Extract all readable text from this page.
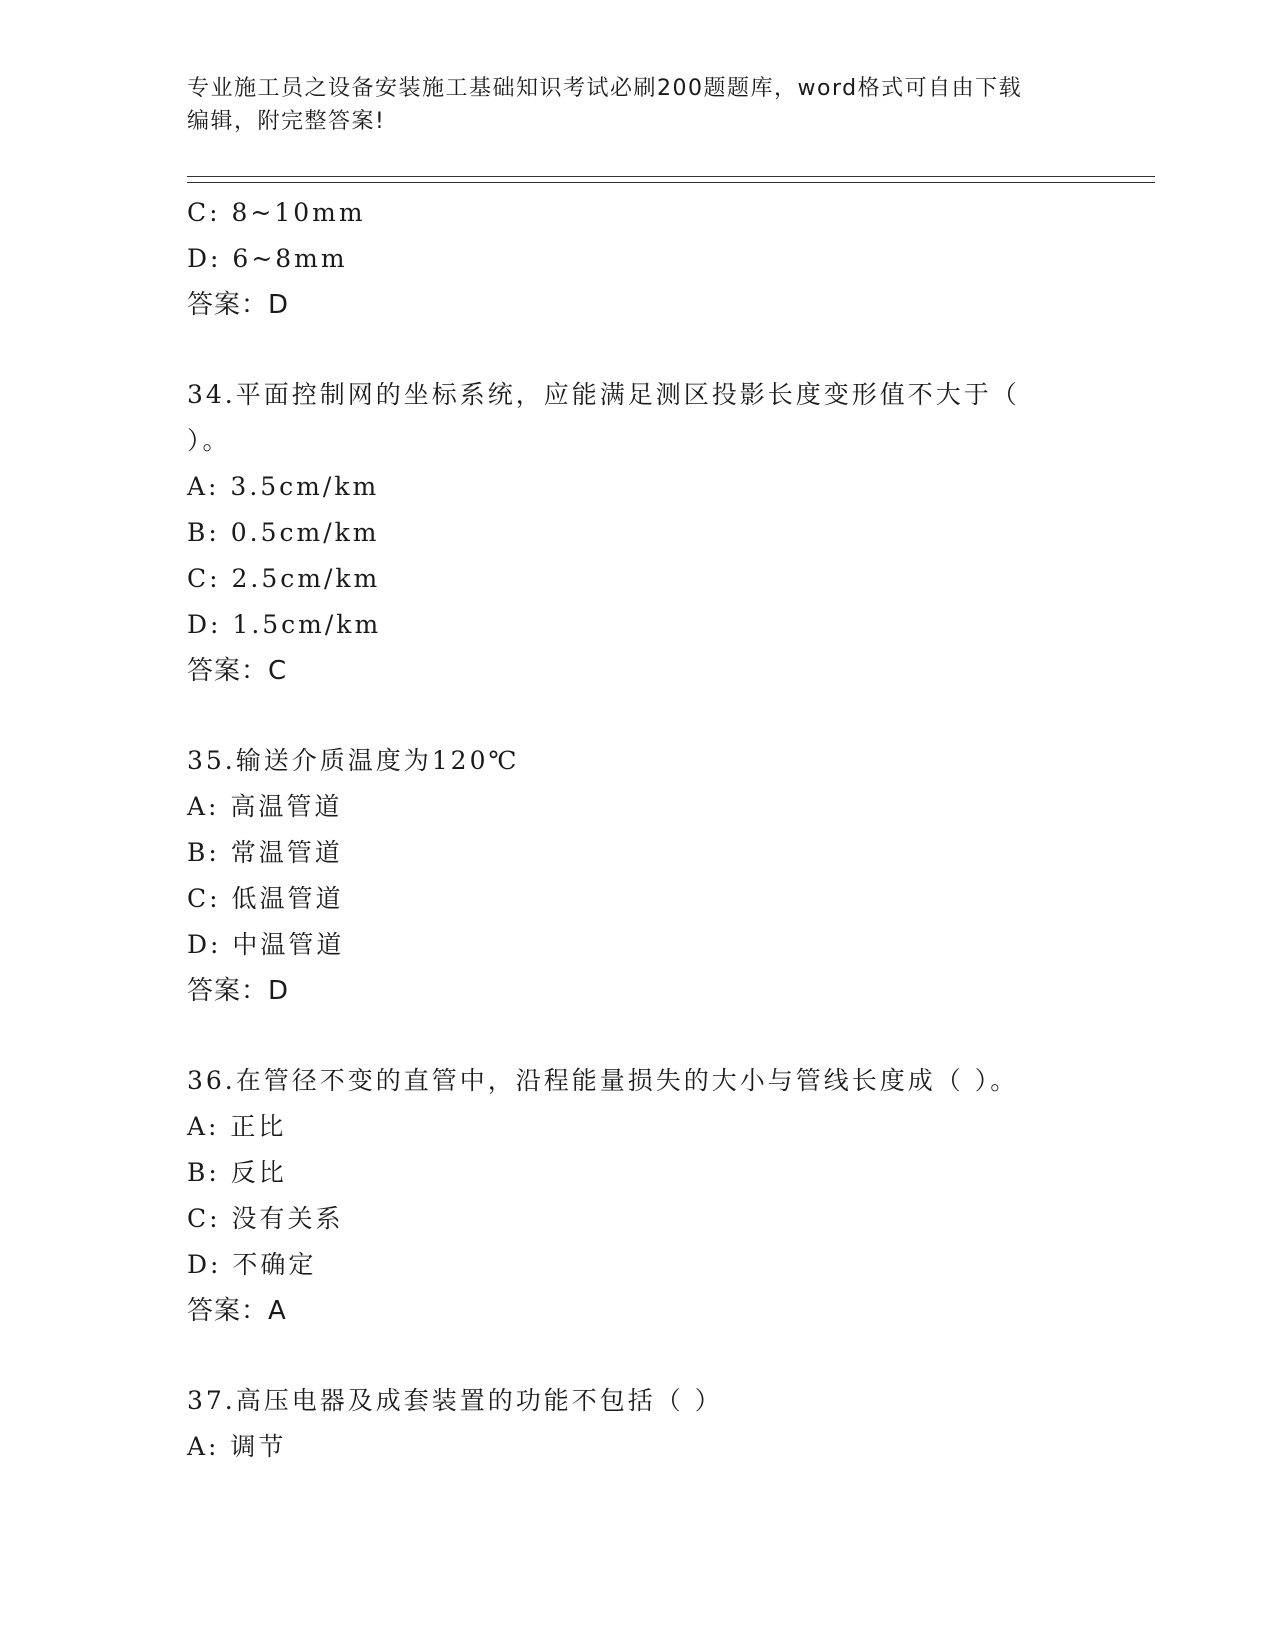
专业施工员之设备安装施工基础知识考试必刷200题题库，word格式可自由下载
编辑，附完整答案!
C: 8~10mm
D: 6~8mm
答案：D
34.平面控制网的坐标系统，应能满足测区投影长度变形值不大于（
）。
A: 3.5cm/km
B: 0.5cm/km
C: 2.5cm/km
D: 1.5cm/km
答案：C
35.输送介质温度为120℃
A: 高温管道
B: 常温管道
C: 低温管道
D: 中温管道
答案：D
36.在管径不变的直管中，沿程能量损失的大小与管线长度成（ ）。
A: 正比
B: 反比
C: 没有关系
D: 不确定
答案：A
37.高压电器及成套装置的功能不包括（ ）
A: 调节
